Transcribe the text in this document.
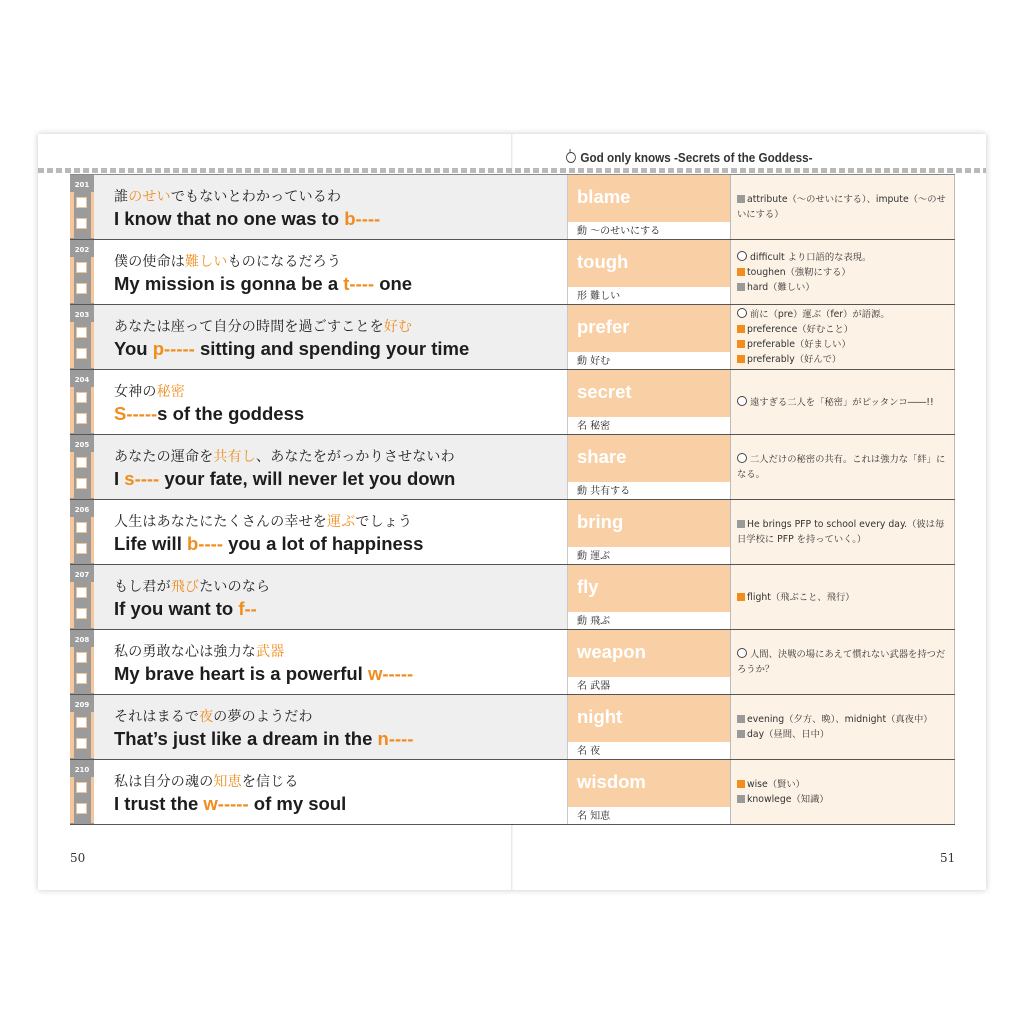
God only knows -Secrets of the Goddess-
201
誰のせいでもないとわかっているわ
I know that no one was to b----
blame
動 〜のせいにする
attribute（〜のせいにする）、impute（〜のせいにする）
202
僕の使命は難しいものになるだろう
My mission is gonna be a t---- one
tough
形 難しい
difficult より口語的な表現。
toughen（強靭にする）
hard（難しい）
203
あなたは座って自分の時間を過ごすことを好む
You p----- sitting and spending your time
prefer
動 好む
前に（pre）運ぶ（fer）が語源。
preference（好むこと）
preferable（好ましい）
preferably（好んで）
204
女神の秘密
S-----s of the goddess
secret
名 秘密
遠すぎる二人を「秘密」がピッタンコ――!!
205
あなたの運命を共有し、あなたをがっかりさせないわ
I s---- your fate, will never let you down
share
動 共有する
二人だけの秘密の共有。これは強力な「絆」になる。
206
人生はあなたにたくさんの幸せを運ぶでしょう
Life will b---- you a lot of happiness
bring
動 運ぶ
He brings PFP to school every day.（彼は毎日学校に PFP を持っていく。）
207
もし君が飛びたいのなら
If you want to f--
fly
動 飛ぶ
flight（飛ぶこと、飛行）
208
私の勇敢な心は強力な武器
My brave heart is a powerful w-----
weapon
名 武器
人間、決戦の場にあえて慣れない武器を持つだろうか？
209
それはまるで夜の夢のようだわ
That’s just like a dream in the n----
night
名 夜
evening（夕方、晩）、midnight（真夜中）
day（昼間、日中）
210
私は自分の魂の知恵を信じる
I trust the w----- of my soul
wisdom
名 知恵
wise（賢い）
knowlege（知識）
50	51
